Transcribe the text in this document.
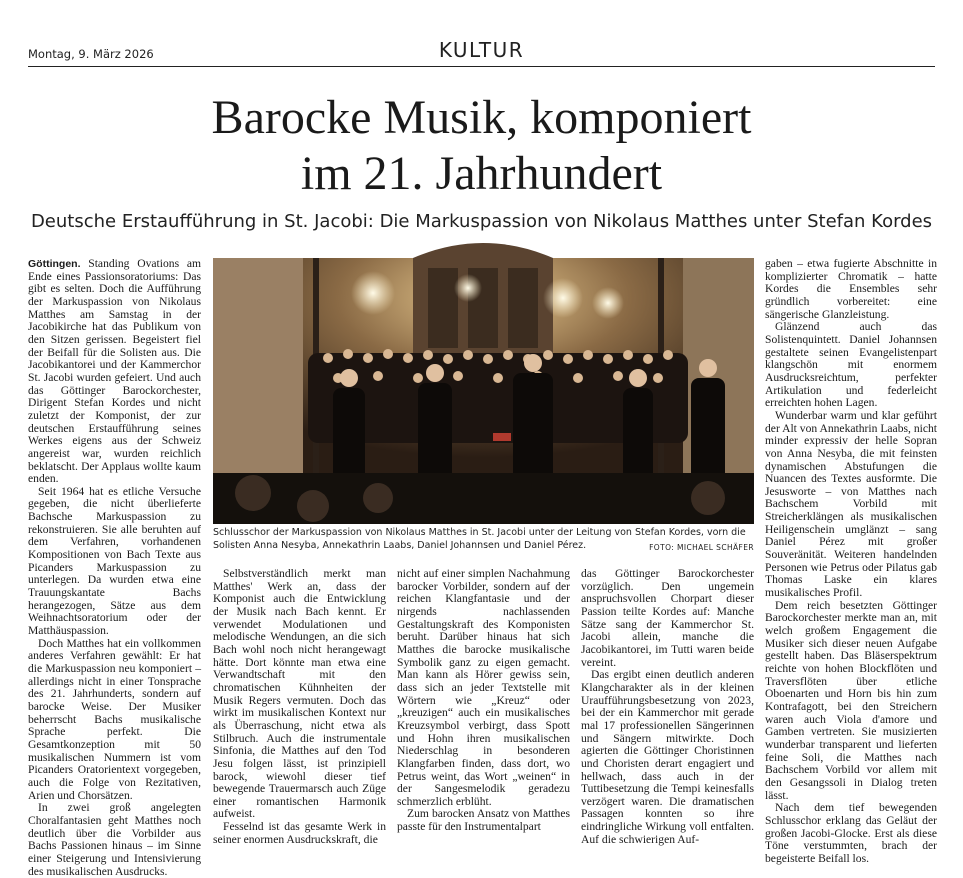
Montag, 9. März 2026	KULTUR
Barocke Musik, komponiert
im 21. Jahrhundert
Deutsche Erstaufführung in St. Jacobi: Die Markuspassion von Nikolaus Matthes unter Stefan Kordes

Göttingen. Standing Ovations am Ende eines Passionsoratoriums: Das gibt es selten. Doch die Aufführung der Markuspassion von Nikolaus Matthes am Samstag in der Jacobikirche hat das Publikum von den Sitzen gerissen. Begeistert fiel der Beifall für die Solisten aus. Die Jacobikantorei und der Kammerchor St. Jacobi wurden gefeiert. Und auch das Göttinger Barockorchester, Dirigent Stefan Kordes und nicht zuletzt der Komponist, der zur deutschen Erstaufführung seines Werkes eigens aus der Schweiz angereist war, wurden reichlich beklatscht. Der Applaus wollte kaum enden.

Seit 1964 hat es etliche Versuche gegeben, die nicht überlieferte Bachsche Markuspassion zu rekonstruieren. Sie alle beruhten auf dem Verfahren, vorhandenen Kompositionen von Bach Texte aus Picanders Markuspassion zu unterlegen. Da wurden etwa eine Trauungskantate Bachs herangezogen, Sätze aus dem Weihnachtsoratorium oder der Matthäuspassion.

Doch Matthes hat ein vollkommen anderes Verfahren gewählt: Er hat die Markuspassion neu komponiert – allerdings nicht in einer Tonsprache des 21. Jahrhunderts, sondern auf barocke Weise. Der Musiker beherrscht Bachs musikalische Sprache perfekt. Die Gesamtkonzeption mit 50 musikalischen Nummern ist vom Picanders Oratorientext vorgegeben, auch die Folge von Rezitativen, Arien und Chorsätzen.

In zwei groß angelegten Choralfantasien geht Matthes noch deutlich über die Vorbilder aus Bachs Passionen hinaus – im Sinne einer Steigerung und Intensivierung des musikalischen Ausdrucks.

Schlusschor der Markuspassion von Nikolaus Matthes in St. Jacobi unter der Leitung von Stefan Kordes, vorn die Solisten Anna Nesyba, Annekathrin Laabs, Daniel Johannsen und Daniel Pérez.	FOTO: MICHAEL SCHÄFER

Selbstverständlich merkt man Matthes' Werk an, dass der Komponist auch die Entwicklung der Musik nach Bach kennt. Er verwendet Modulationen und melodische Wendungen, an die sich Bach wohl noch nicht herangewagt hätte. Dort könnte man etwa eine Verwandtschaft mit den chromatischen Kühnheiten der Musik Regers vermuten. Doch das wirkt im musikalischen Kontext nur als Überraschung, nicht etwa als Stilbruch. Auch die instrumentale Sinfonia, die Matthes auf den Tod Jesu folgen lässt, ist prinzipiell barock, wiewohl dieser tief bewegende Trauermarsch auch Züge einer romantischen Harmonik aufweist.

Fesselnd ist das gesamte Werk in seiner enormen Ausdruckskraft, die

nicht auf einer simplen Nachahmung barocker Vorbilder, sondern auf der reichen Klangfantasie und der nirgends nachlassenden Gestaltungskraft des Komponisten beruht. Darüber hinaus hat sich Matthes die barocke musikalische Symbolik ganz zu eigen gemacht. Man kann als Hörer gewiss sein, dass sich an jeder Textstelle mit Wörtern wie „Kreuz“ oder „kreuzigen“ auch ein musikalisches Kreuzsymbol verbirgt, dass Spott und Hohn ihren musikalischen Niederschlag in besonderen Klangfarben finden, dass dort, wo Petrus weint, das Wort „weinen“ in der Sangesmelodik geradezu schmerzlich erblüht.

Zum barocken Ansatz von Matthes passte für den Instrumentalpart

das Göttinger Barockorchester vorzüglich. Den ungemein anspruchsvollen Chorpart dieser Passion teilte Kordes auf: Manche Sätze sang der Kammerchor St. Jacobi allein, manche die Jacobikantorei, im Tutti waren beide vereint.

Das ergibt einen deutlich anderen Klangcharakter als in der kleinen Uraufführungsbesetzung von 2023, bei der ein Kammerchor mit gerade mal 17 professionellen Sängerinnen und Sängern mitwirkte. Doch agierten die Göttinger Choristinnen und Choristen derart engagiert und hellwach, dass auch in der Tuttibesetzung die Tempi keinesfalls verzögert waren. Die dramatischen Passagen konnten so ihre eindringliche Wirkung voll entfalten. Auf die schwierigen Auf-

gaben – etwa fugierte Abschnitte in komplizierter Chromatik – hatte Kordes die Ensembles sehr gründlich vorbereitet: eine sängerische Glanzleistung.

Glänzend auch das Solistenquintett. Daniel Johannsen gestaltete seinen Evangelistenpart klangschön mit enormem Ausdrucksreichtum, perfekter Artikulation und federleicht erreichten hohen Lagen.

Wunderbar warm und klar geführt der Alt von Annekathrin Laabs, nicht minder expressiv der helle Sopran von Anna Nesyba, die mit feinsten dynamischen Abstufungen die Nuancen des Textes ausformte. Die Jesusworte – von Matthes nach Bachschem Vorbild mit Streicherklängen als musikalischen Heiligenschein umglänzt – sang Daniel Pérez mit großer Souveränität. Weiteren handelnden Personen wie Petrus oder Pilatus gab Thomas Laske ein klares musikalisches Profil.

Dem reich besetzten Göttinger Barockorchester merkte man an, mit welch großem Engagement die Musiker sich dieser neuen Aufgabe gestellt haben. Das Bläserspektrum reichte von hohen Blockflöten und Traversflöten über etliche Oboenarten und Horn bis hin zum Kontrafagott, bei den Streichern waren auch Viola d'amore und Gamben vertreten. Sie musizierten wunderbar transparent und lieferten feine Soli, die Matthes nach Bachschem Vorbild vor allem mit den Gesangssoli in Dialog treten lässt.

Nach dem tief bewegenden Schlusschor erklang das Geläut der großen Jacobi-Glocke. Erst als diese Töne verstummten, brach der begeisterte Beifall los.
